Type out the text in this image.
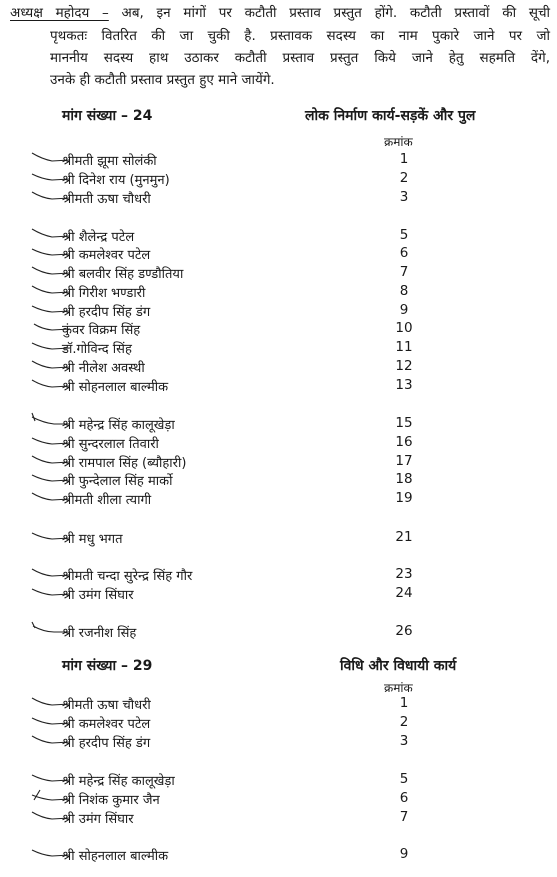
अध्यक्ष महोदय – अब, इन मांगों पर कटौती प्रस्ताव प्रस्तुत होंगे. कटौती प्रस्तावों की सूची
पृथकतः वितरित की जा चुकी है. प्रस्तावक सदस्य का नाम पुकारे जाने पर जो
माननीय सदस्य हाथ उठाकर कटौती प्रस्ताव प्रस्तुत किये जाने हेतु सहमति देंगे,
उनके ही कटौती प्रस्ताव प्रस्तुत हुए माने जायेंगे.
मांग संख्या – 24	लोक निर्माण कार्य-सड़कें और पुल
क्रमांक
श्रीमती झूमा सोलंकी	1
श्री दिनेश राय (मुनमुन)	2
श्रीमती ऊषा चौधरी	3
श्री शैलेन्द्र पटेल	5
श्री कमलेश्वर पटेल	6
श्री बलवीर सिंह डण्डौतिया	7
श्री गिरीश भण्डारी	8
श्री हरदीप सिंह डंग	9
कुंवर विक्रम सिंह	10
डॉ.गोविन्द सिंह	11
श्री नीलेश अवस्थी	12
श्री सोहनलाल बाल्मीक	13
श्री महेन्द्र सिंह कालूखेड़ा	15
श्री सुन्दरलाल तिवारी	16
श्री रामपाल सिंह (ब्यौहारी)	17
श्री फुन्देलाल सिंह मार्को	18
श्रीमती शीला त्यागी	19
श्री मधु भगत	21
श्रीमती चन्दा सुरेन्द्र सिंह गौर	23
श्री उमंग सिंघार	24
श्री रजनीश सिंह	26
मांग संख्या – 29	विधि और विधायी कार्य
क्रमांक
श्रीमती ऊषा चौधरी	1
श्री कमलेश्वर पटेल	2
श्री हरदीप सिंह डंग	3
श्री महेन्द्र सिंह कालूखेड़ा	5
श्री निशंक कुमार जैन	6
श्री उमंग सिंघार	7
श्री सोहनलाल बाल्मीक	9
